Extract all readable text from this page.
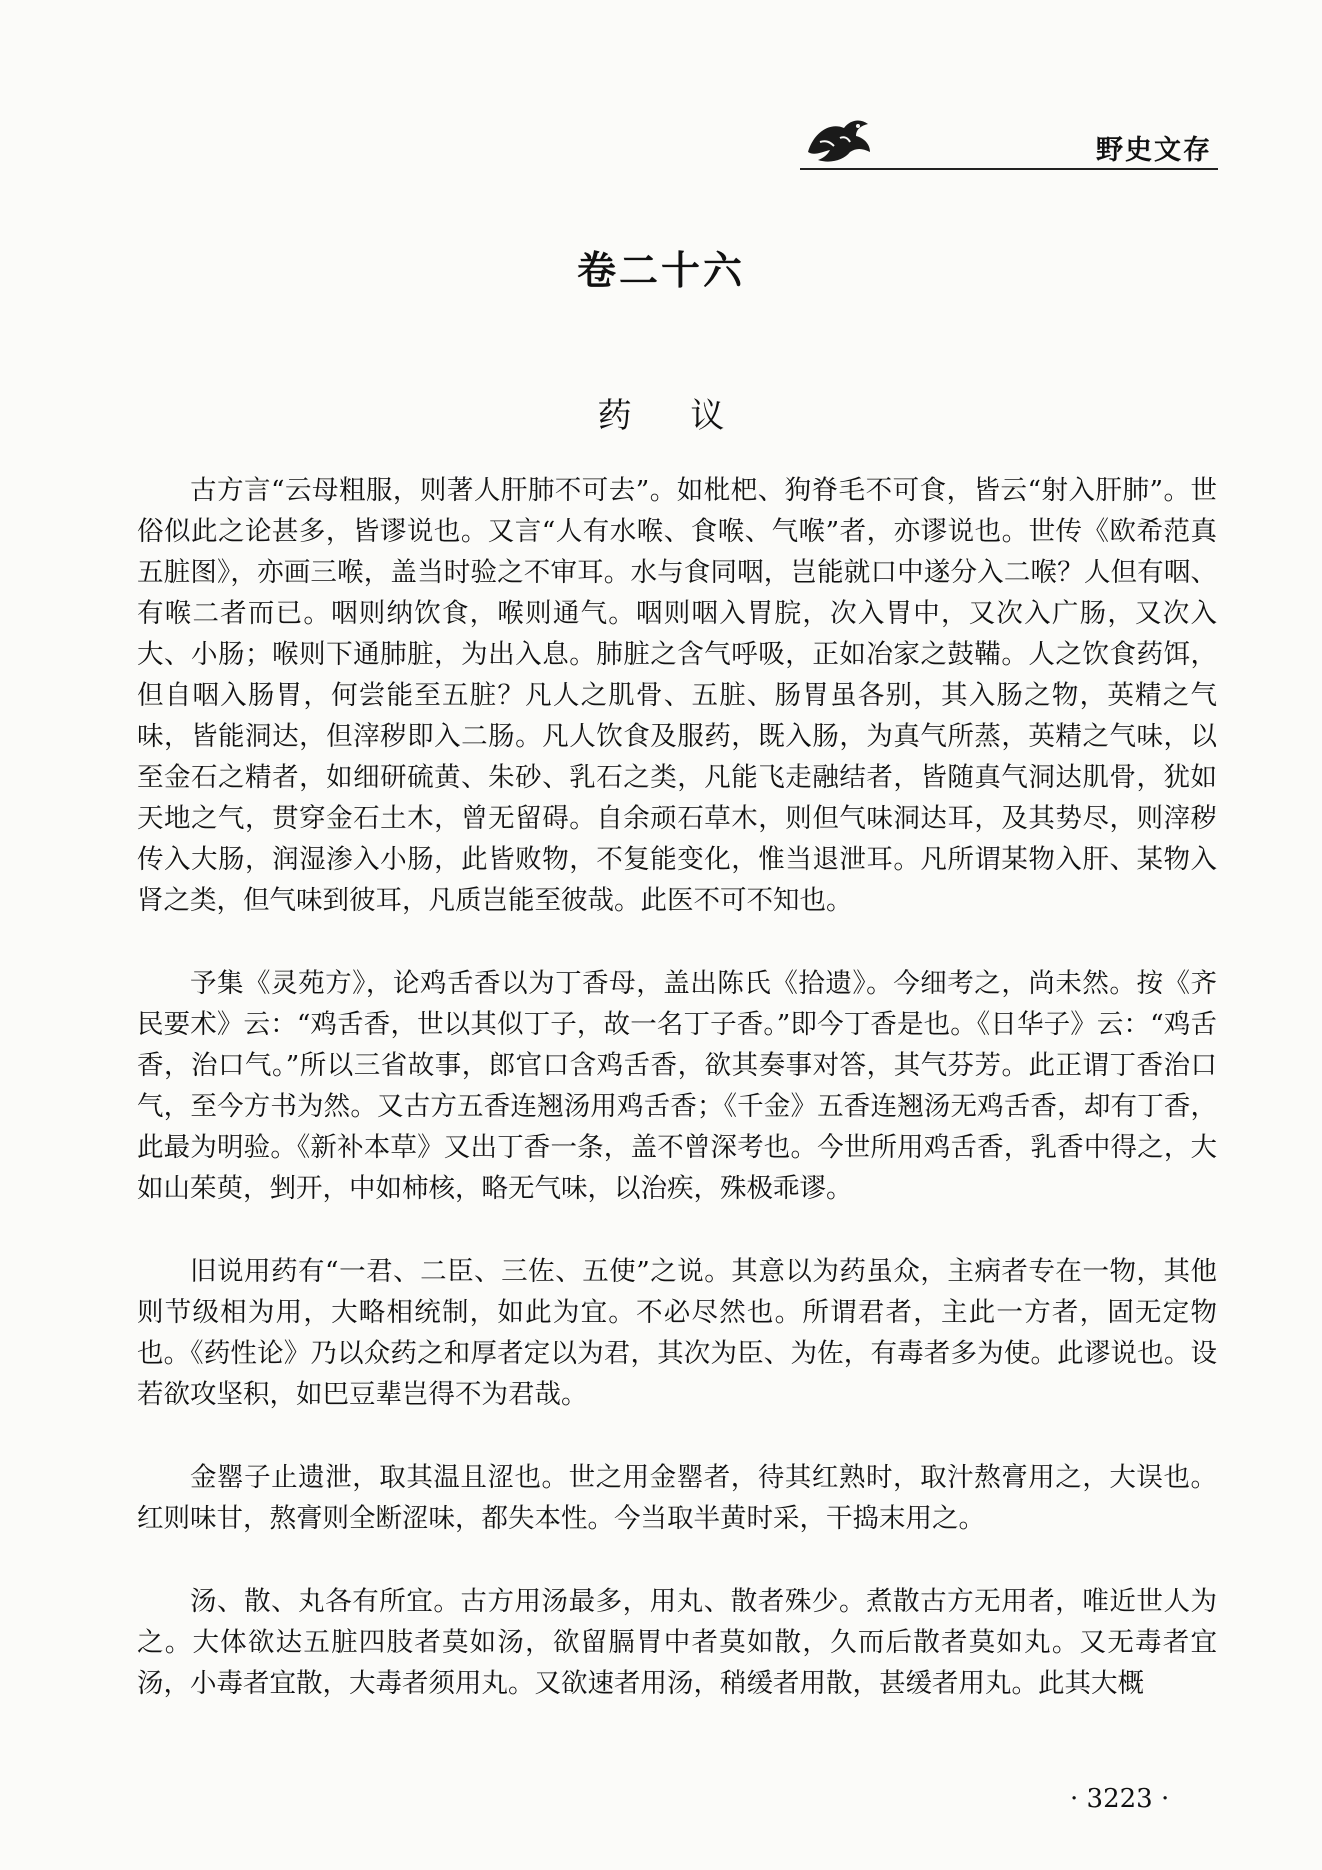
野史文存
卷二十六
药 议

古方言“云母粗服，则著人肝肺不可去”。如枇杷、狗脊毛不可食，皆云“射入肝肺”。世俗似此之论甚多，皆谬说也。又言“人有水喉、食喉、气喉”者，亦谬说也。世传《欧希范真五脏图》，亦画三喉，盖当时验之不审耳。水与食同咽，岂能就口中遂分入二喉？人但有咽、有喉二者而已。咽则纳饮食，喉则通气。咽则咽入胃脘，次入胃中，又次入广肠，又次入大、小肠；喉则下通肺脏，为出入息。肺脏之含气呼吸，正如冶家之鼓鞴。人之饮食药饵，但自咽入肠胃，何尝能至五脏？凡人之肌骨、五脏、肠胃虽各别，其入肠之物，英精之气味，皆能洞达，但滓秽即入二肠。凡人饮食及服药，既入肠，为真气所蒸，英精之气味，以至金石之精者，如细研硫黄、朱砂、乳石之类，凡能飞走融结者，皆随真气洞达肌骨，犹如天地之气，贯穿金石土木，曾无留碍。自余顽石草木，则但气味洞达耳，及其势尽，则滓秽传入大肠，润湿渗入小肠，此皆败物，不复能变化，惟当退泄耳。凡所谓某物入肝、某物入肾之类，但气味到彼耳，凡质岂能至彼哉。此医不可不知也。

予集《灵苑方》，论鸡舌香以为丁香母，盖出陈氏《拾遗》。今细考之，尚未然。按《齐民要术》云：“鸡舌香，世以其似丁子，故一名丁子香。”即今丁香是也。《日华子》云：“鸡舌香，治口气。”所以三省故事，郎官口含鸡舌香，欲其奏事对答，其气芬芳。此正谓丁香治口气，至今方书为然。又古方五香连翘汤用鸡舌香；《千金》五香连翘汤无鸡舌香，却有丁香，此最为明验。《新补本草》又出丁香一条，盖不曾深考也。今世所用鸡舌香，乳香中得之，大如山茱萸，剉开，中如柿核，略无气味，以治疾，殊极乖谬。

旧说用药有“一君、二臣、三佐、五使”之说。其意以为药虽众，主病者专在一物，其他则节级相为用，大略相统制，如此为宜。不必尽然也。所谓君者，主此一方者，固无定物也。《药性论》乃以众药之和厚者定以为君，其次为臣、为佐，有毒者多为使。此谬说也。设若欲攻坚积，如巴豆辈岂得不为君哉。

金罂子止遗泄，取其温且涩也。世之用金罂者，待其红熟时，取汁熬膏用之，大误也。红则味甘，熬膏则全断涩味，都失本性。今当取半黄时采，干捣末用之。

汤、散、丸各有所宜。古方用汤最多，用丸、散者殊少。煮散古方无用者，唯近世人为之。大体欲达五脏四肢者莫如汤，欲留膈胃中者莫如散，久而后散者莫如丸。又无毒者宜汤，小毒者宜散，大毒者须用丸。又欲速者用汤，稍缓者用散，甚缓者用丸。此其大概

· 3223 ·
